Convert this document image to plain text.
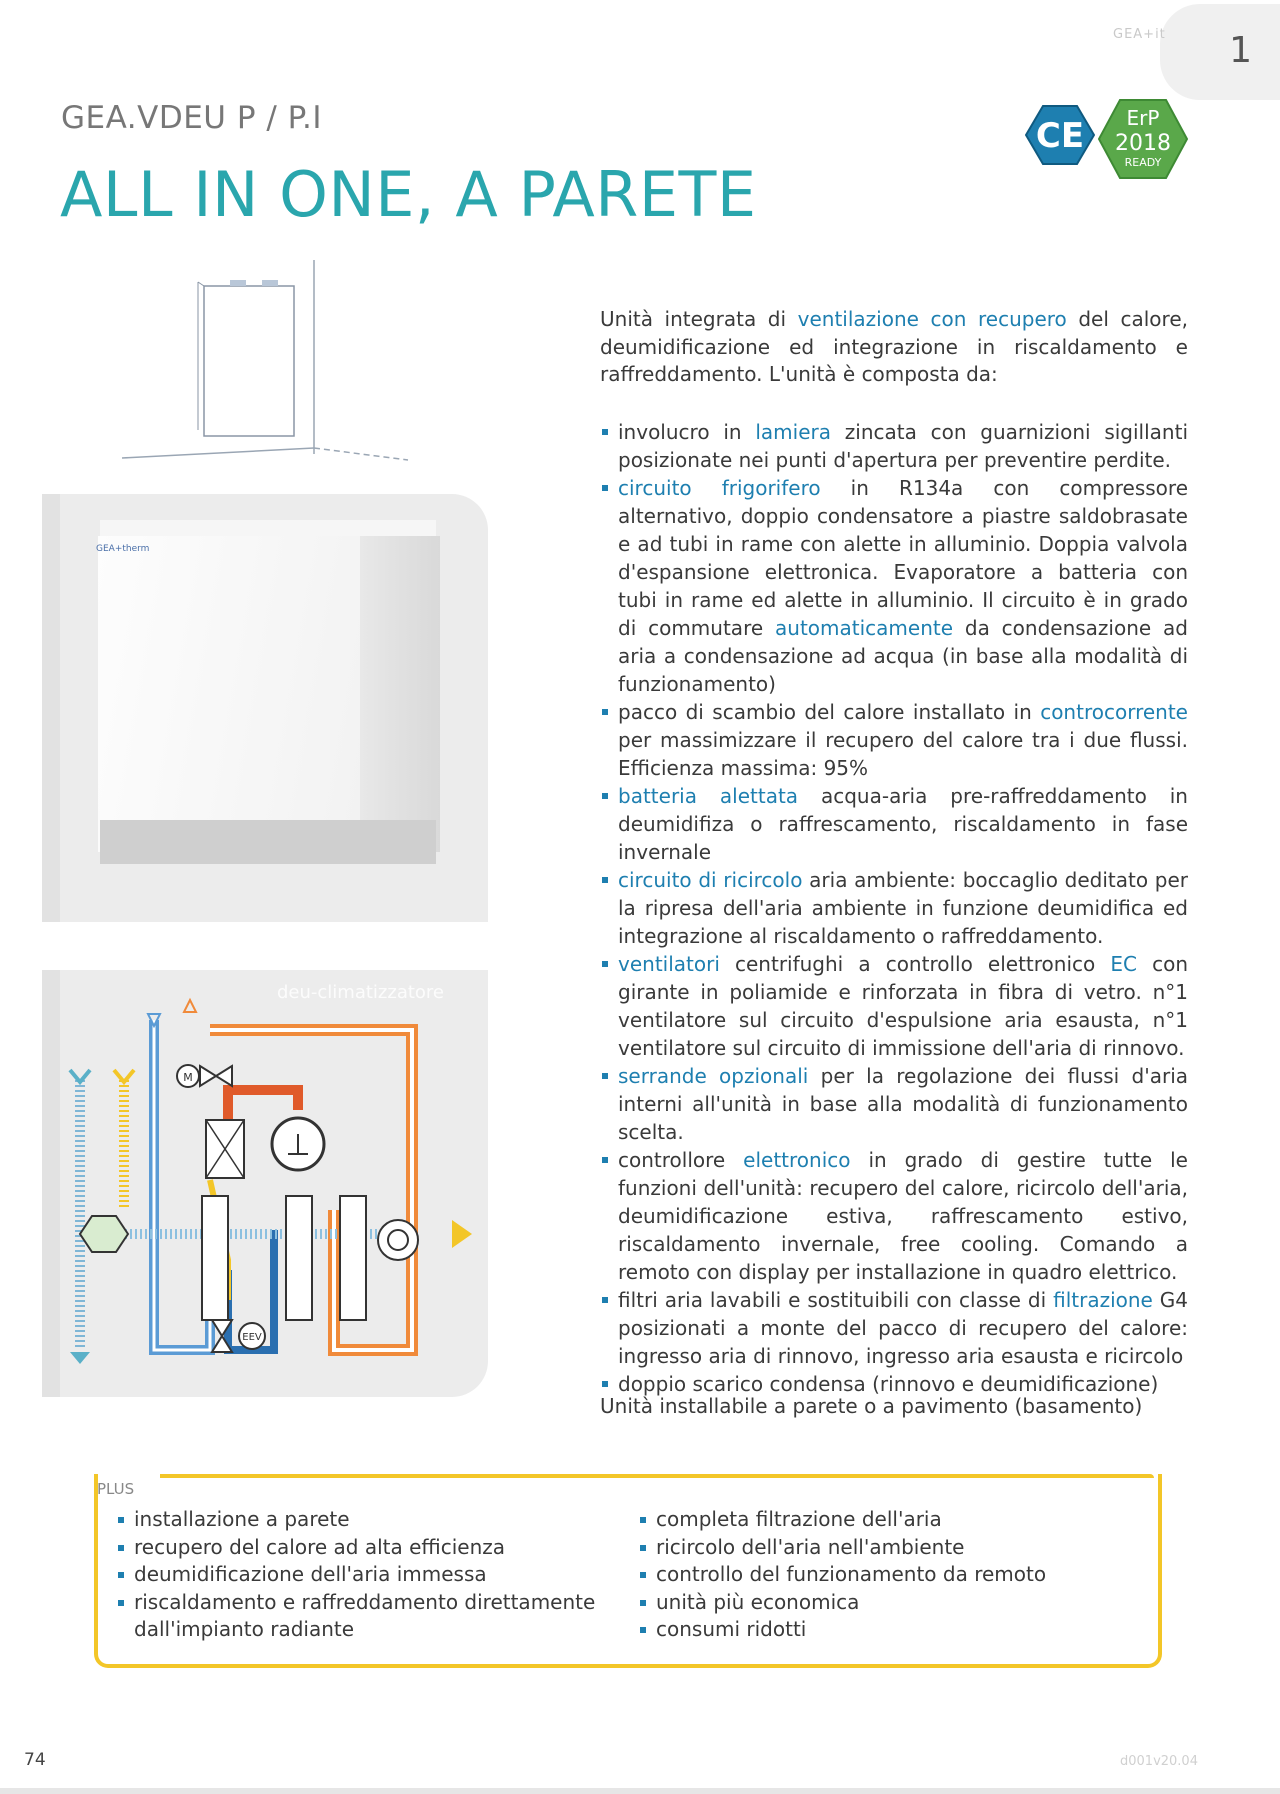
1
GEA+it
GEA.VDEU P / P.I
ALL IN ONE, A PARETE
CE ErP
2018
READY
GEA+therm
M
EEV
deu-climatizzatore
Unità integrata di ventilazione con recupero del calore, deumidificazione ed integrazione in riscaldamento e raffreddamento. L'unità è composta da:
involucro in lamiera zincata con guarnizioni sigillanti posizionate nei punti d'apertura per preventire perdite.
circuito frigorifero in R134a con compressore alternativo, doppio condensatore a piastre saldobrasate e ad tubi in rame con alette in alluminio. Doppia valvola d'espansione elettronica. Evaporatore a batteria con tubi in rame ed alette in alluminio. Il circuito è in grado di commutare automaticamente da condensazione ad aria a condensazione ad acqua (in base alla modalità di funzionamento)
pacco di scambio del calore installato in controcorrente per massimizzare il recupero del calore tra i due flussi. Efficienza massima: 95%
batteria alettata acqua-aria pre-raffreddamento in deumidifiza o raffrescamento, riscaldamento in fase invernale
circuito di ricircolo aria ambiente: boccaglio deditato per la ripresa dell'aria ambiente in funzione deumidifica ed integrazione al riscaldamento o raffreddamento.
ventilatori centrifughi a controllo elettronico EC con girante in poliamide e rinforzata in fibra di vetro. n°1 ventilatore sul circuito d'espulsione aria esausta, n°1 ventilatore sul circuito di immissione dell'aria di rinnovo.
serrande opzionali per la regolazione dei flussi d'aria interni all'unità in base alla modalità di funzionamento scelta.
controllore elettronico in grado di gestire tutte le funzioni dell'unità: recupero del calore, ricircolo dell'aria, deumidificazione estiva, raffrescamento estivo, riscaldamento invernale, free cooling. Comando a remoto con display per installazione in quadro elettrico.
filtri aria lavabili e sostituibili con classe di filtrazione G4 posizionati a monte del pacco di recupero del calore: ingresso aria di rinnovo, ingresso aria esausta e ricircolo
doppio scarico condensa (rinnovo e deumidificazione)
Unità installabile a parete o a pavimento (basamento)
PLUS
installazione a parete
recupero del calore ad alta efficienza
deumidificazione dell'aria immessa
riscaldamento e raffreddamento direttamente dall'impianto radiante
completa filtrazione dell'aria
ricircolo dell'aria nell'ambiente
controllo del funzionamento da remoto
unità più economica
consumi ridotti
74	d001v20.04
